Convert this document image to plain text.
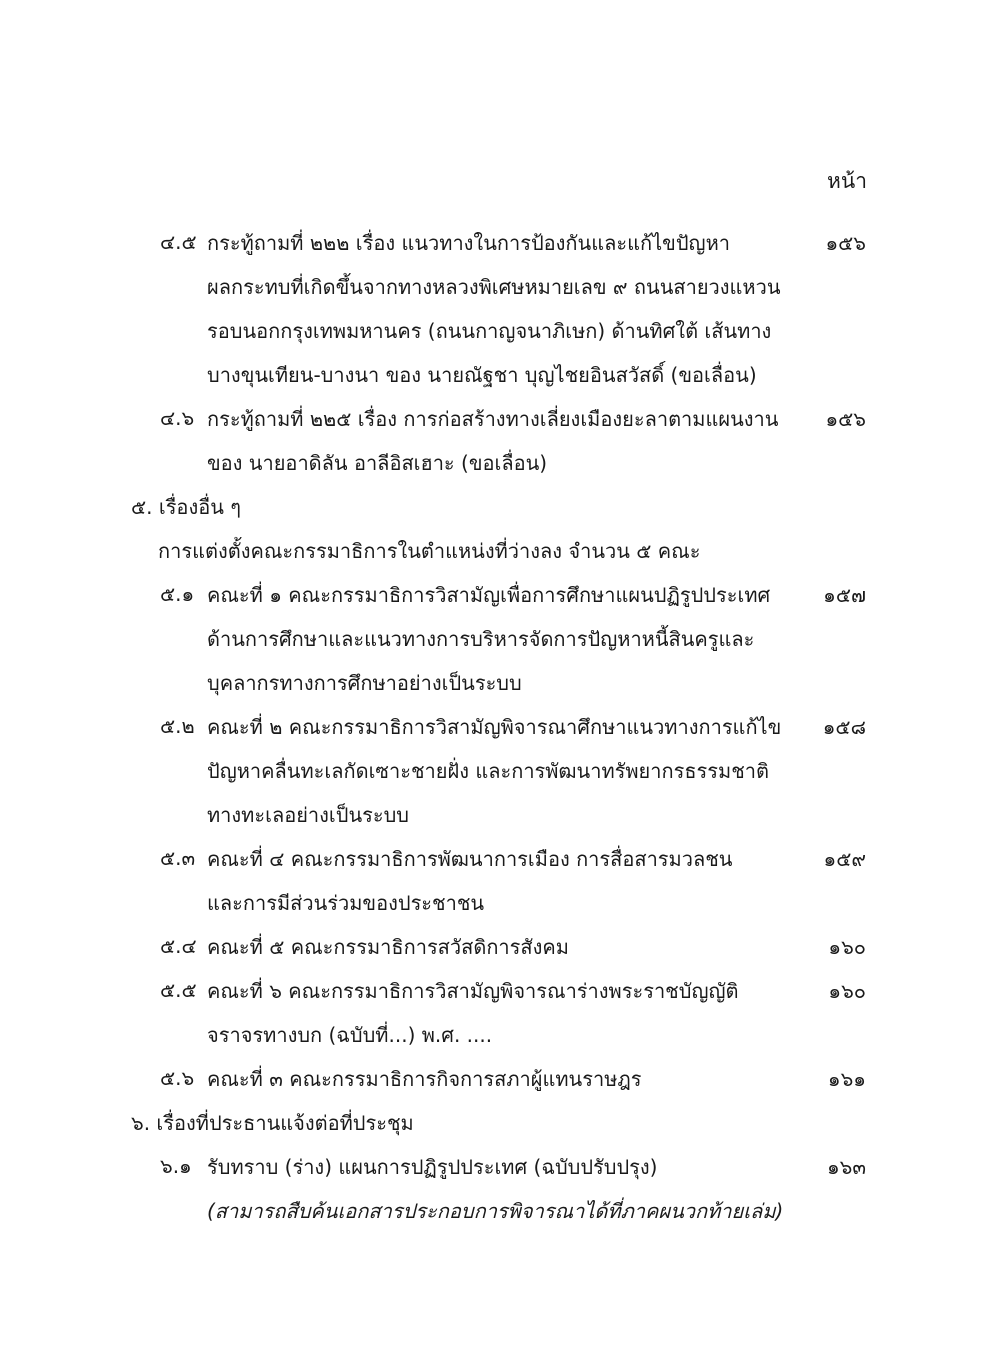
หน้า
๔.๕ กระทู้ถามที่ ๒๒๒ เรื่อง แนวทางในการป้องกันและแก้ไขปัญหา
ผลกระทบที่เกิดขึ้นจากทางหลวงพิเศษหมายเลข ๙ ถนนสายวงแหวน
รอบนอกกรุงเทพมหานคร (ถนนกาญจนาภิเษก) ด้านทิศใต้ เส้นทาง
บางขุนเทียน-บางนา ของ นายณัฐชา บุญไชยอินสวัสดิ์ (ขอเลื่อน)
๑๕๖
๔.๖ กระทู้ถามที่ ๒๒๕ เรื่อง การก่อสร้างทางเลี่ยงเมืองยะลาตามแผนงาน
ของ นายอาดิลัน อาลีอิสเฮาะ (ขอเลื่อน)
๑๕๖
๕. เรื่องอื่น ๆ
การแต่งตั้งคณะกรรมาธิการในตำแหน่งที่ว่างลง จำนวน ๕ คณะ
๕.๑ คณะที่ ๑ คณะกรรมาธิการวิสามัญเพื่อการศึกษาแผนปฏิรูปประเทศ
ด้านการศึกษาและแนวทางการบริหารจัดการปัญหาหนี้สินครูและ
บุคลากรทางการศึกษาอย่างเป็นระบบ
๑๕๗
๕.๒ คณะที่ ๒ คณะกรรมาธิการวิสามัญพิจารณาศึกษาแนวทางการแก้ไข
ปัญหาคลื่นทะเลกัดเซาะชายฝั่ง และการพัฒนาทรัพยากรธรรมชาติ
ทางทะเลอย่างเป็นระบบ
๑๕๘
๕.๓ คณะที่ ๔ คณะกรรมาธิการพัฒนาการเมือง การสื่อสารมวลชน
และการมีส่วนร่วมของประชาชน
๑๕๙
๕.๔ คณะที่ ๕ คณะกรรมาธิการสวัสดิการสังคม	๑๖๐
๕.๕ คณะที่ ๖ คณะกรรมาธิการวิสามัญพิจารณาร่างพระราชบัญญัติ
จราจรทางบก (ฉบับที่...) พ.ศ. ....
๑๖๐
๕.๖ คณะที่ ๓ คณะกรรมาธิการกิจการสภาผู้แทนราษฎร	๑๖๑
๖. เรื่องที่ประธานแจ้งต่อที่ประชุม
๖.๑ รับทราบ (ร่าง) แผนการปฏิรูปประเทศ (ฉบับปรับปรุง)
(สามารถสืบค้นเอกสารประกอบการพิจารณาได้ที่ภาคผนวกท้ายเล่ม)
๑๖๓
